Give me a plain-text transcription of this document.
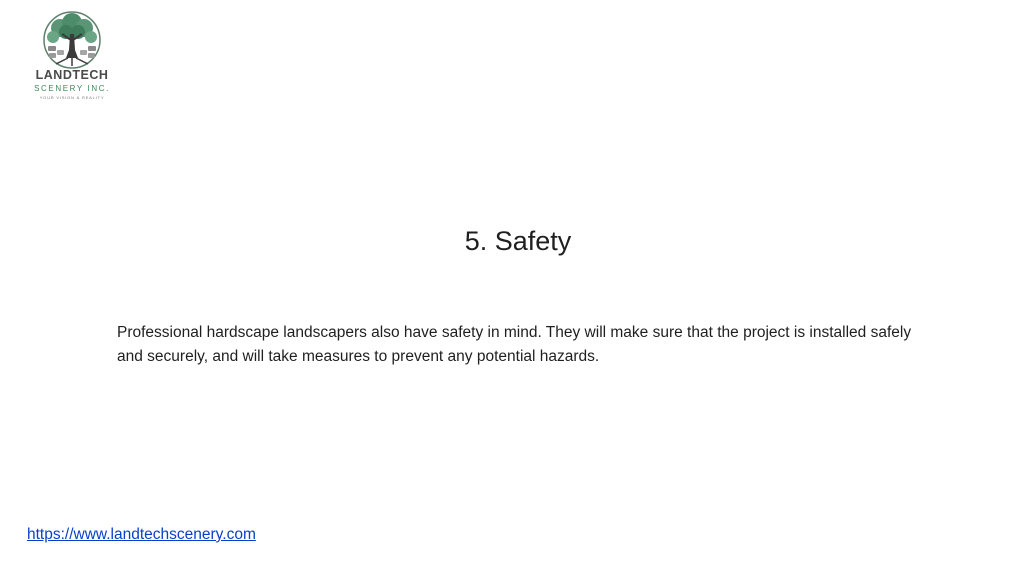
LANDTECH
SCENERY INC.
YOUR VISION & REALITY
5. Safety

Professional hardscape landscapers also have safety in mind. They will make sure that the project is installed safely and securely, and will take measures to prevent any potential hazards.

https://www.landtechscenery.com
